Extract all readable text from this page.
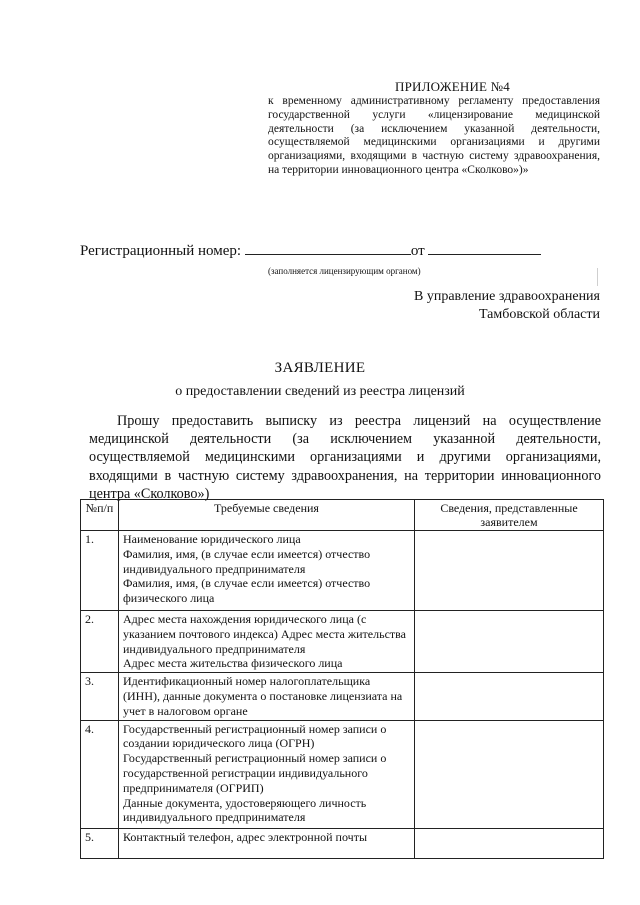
ПРИЛОЖЕНИЕ №4
к временному административному регламенту предоставления государственной услуги «лицензирование медицинской деятельности (за исключением указанной деятельности, осуществляемой медицинскими организациями и другими организациями, входящими в частную систему здравоохранения, на территории инновационного центра «Сколково»)»
Регистрационный номер:	от
(заполняется лицензирующим органом)
В управление здравоохранения
Тамбовской области
ЗАЯВЛЕНИЕ
о предоставлении сведений из реестра лицензий
Прошу предоставить выписку из реестра лицензий на осуществление медицинской деятельности (за исключением указанной деятельности, осуществляемой медицинскими организациями и другими организациями, входящими в частную систему здравоохранения, на территории инновационного центра «Сколково»)
№п/п	Требуемые сведения	Сведения, представленные заявителем
1.	Наименование юридического лица
Фамилия, имя, (в случае если имеется) отчество индивидуального предпринимателя
Фамилия, имя, (в случае если имеется) отчество физического лица	

2.	Адрес места нахождения юридического лица (с указанием почтового индекса) Адрес места жительства индивидуального предпринимателя
Адрес места жительства физического лица	

3.	Идентификационный номер налогоплательщика (ИНН), данные документа о постановке лицензиата на учет в налоговом органе	

4.	Государственный регистрационный номер записи о создании юридического лица (ОГРН)
Государственный регистрационный номер записи о государственной регистрации индивидуального предпринимателя (ОГРИП)
Данные документа, удостоверяющего личность индивидуального предпринимателя	

5.	Контактный телефон, адрес электронной почты	
